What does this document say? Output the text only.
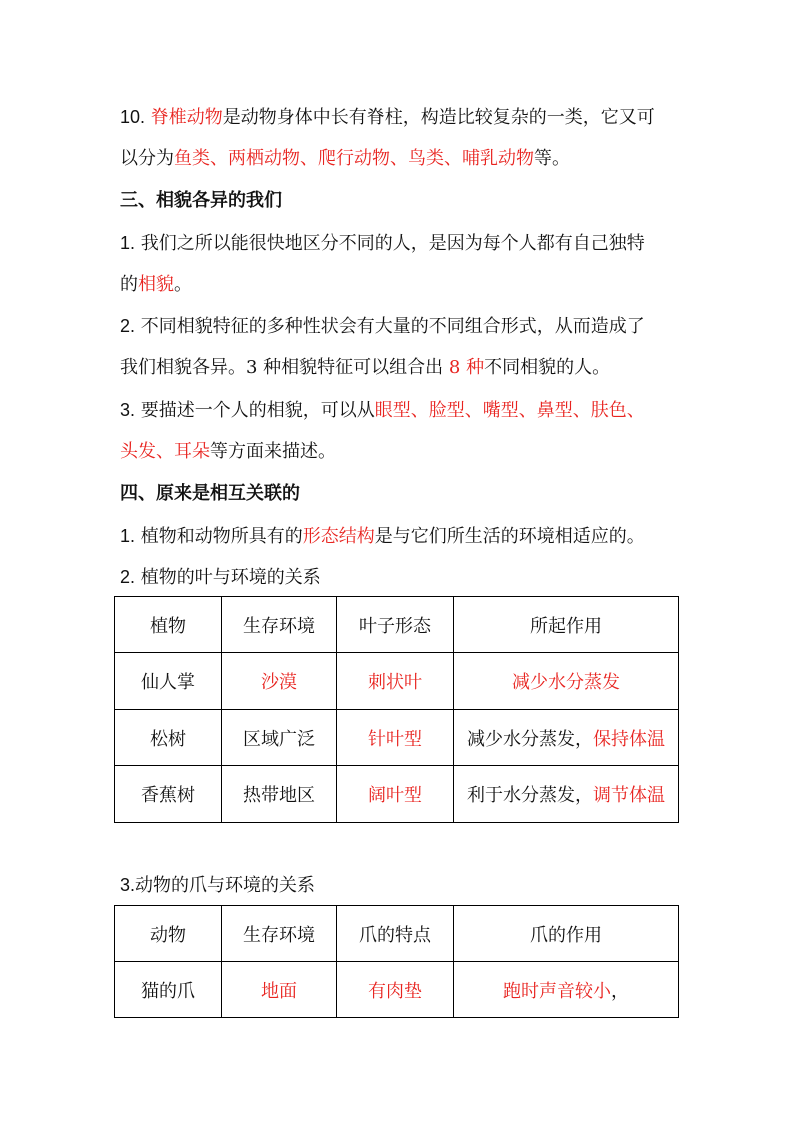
10. 脊椎动物是动物身体中长有脊柱，构造比较复杂的一类，它又可
以分为鱼类、两栖动物、爬行动物、鸟类、哺乳动物等。
三、相貌各异的我们
1. 我们之所以能很快地区分不同的人，是因为每个人都有自己独特
的相貌。
2. 不同相貌特征的多种性状会有大量的不同组合形式，从而造成了
我们相貌各异。3 种相貌特征可以组合出 8 种不同相貌的人。
3. 要描述一个人的相貌，可以从眼型、脸型、嘴型、鼻型、肤色、
头发、耳朵等方面来描述。
四、原来是相互关联的
1. 植物和动物所具有的形态结构是与它们所生活的环境相适应的。
2. 植物的叶与环境的关系
植物	生存环境	叶子形态	所起作用
仙人掌	沙漠	刺状叶	减少水分蒸发
松树	区域广泛	针叶型	减少水分蒸发，保持体温
香蕉树	热带地区	阔叶型	利于水分蒸发，调节体温
3.动物的爪与环境的关系
动物	生存环境	爪的特点	爪的作用
猫的爪	地面	有肉垫	跑时声音较小，
